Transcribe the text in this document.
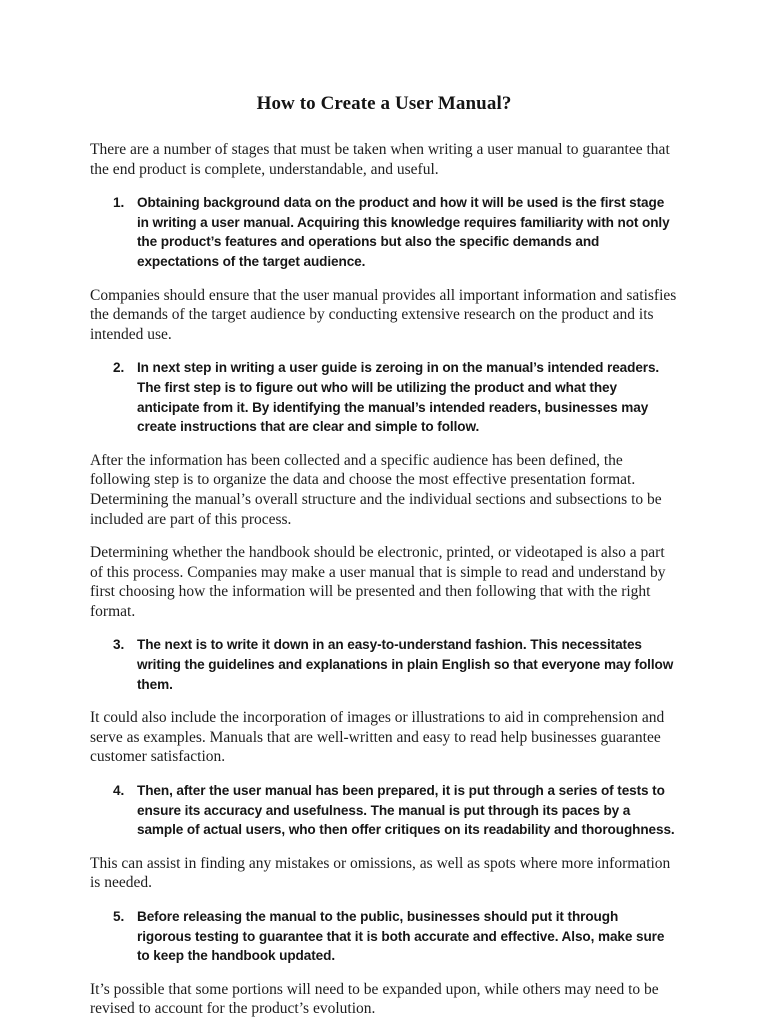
How to Create a User Manual?

There are a number of stages that must be taken when writing a user manual to guarantee that the end product is complete, understandable, and useful.

1. Obtaining background data on the product and how it will be used is the first stage in writing a user manual. Acquiring this knowledge requires familiarity with not only the product’s features and operations but also the specific demands and expectations of the target audience.

Companies should ensure that the user manual provides all important information and satisfies the demands of the target audience by conducting extensive research on the product and its intended use.

2. In next step in writing a user guide is zeroing in on the manual’s intended readers. The first step is to figure out who will be utilizing the product and what they anticipate from it. By identifying the manual’s intended readers, businesses may create instructions that are clear and simple to follow.

After the information has been collected and a specific audience has been defined, the following step is to organize the data and choose the most effective presentation format. Determining the manual’s overall structure and the individual sections and subsections to be included are part of this process.

Determining whether the handbook should be electronic, printed, or videotaped is also a part of this process. Companies may make a user manual that is simple to read and understand by first choosing how the information will be presented and then following that with the right format.

3. The next is to write it down in an easy-to-understand fashion. This necessitates writing the guidelines and explanations in plain English so that everyone may follow them.

It could also include the incorporation of images or illustrations to aid in comprehension and serve as examples. Manuals that are well-written and easy to read help businesses guarantee customer satisfaction.

4. Then, after the user manual has been prepared, it is put through a series of tests to ensure its accuracy and usefulness. The manual is put through its paces by a sample of actual users, who then offer critiques on its readability and thoroughness.

This can assist in finding any mistakes or omissions, as well as spots where more information is needed.

5. Before releasing the manual to the public, businesses should put it through rigorous testing to guarantee that it is both accurate and effective. Also, make sure to keep the handbook updated.

It’s possible that some portions will need to be expanded upon, while others may need to be revised to account for the product’s evolution.
